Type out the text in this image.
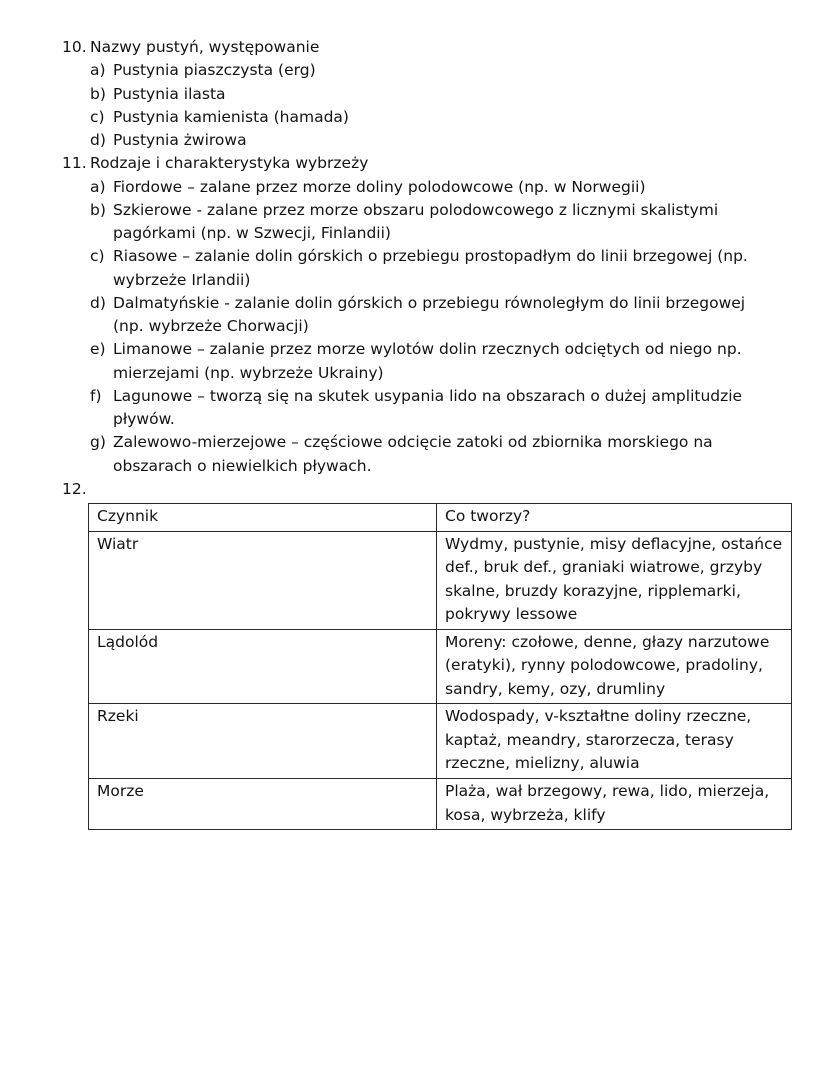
10. Nazwy pustyń, występowanie
a) Pustynia piaszczysta (erg)
b) Pustynia ilasta
c) Pustynia kamienista (hamada)
d) Pustynia żwirowa
11. Rodzaje i charakterystyka wybrzeży
a) Fiordowe – zalane przez morze doliny polodowcowe (np. w Norwegii)
b) Szkierowe - zalane przez morze obszaru polodowcowego z licznymi skalistymi pagórkami (np. w Szwecji, Finlandii)
c) Riasowe – zalanie dolin górskich o przebiegu prostopadłym do linii brzegowej (np. wybrzeże Irlandii)
d) Dalmatyńskie - zalanie dolin górskich o przebiegu równoległym do linii brzegowej (np. wybrzeże Chorwacji)
e) Limanowe – zalanie przez morze wylotów dolin rzecznych odciętych od niego np. mierzejami (np. wybrzeże Ukrainy)
f) Lagunowe – tworzą się na skutek usypania lido na obszarach o dużej amplitudzie pływów.
g) Zalewowo-mierzejowe – częściowe odcięcie zatoki od zbiornika morskiego na obszarach o niewielkich pływach.
12.
Czynnik	Co tworzy?
Wiatr	Wydmy, pustynie, misy deflacyjne, ostańce def., bruk def., graniaki wiatrowe, grzyby skalne, bruzdy korazyjne, ripplemarki, pokrywy lessowe
Lądolód	Moreny: czołowe, denne, głazy narzutowe (eratyki), rynny polodowcowe, pradoliny, sandry, kemy, ozy, drumliny
Rzeki	Wodospady, v-kształtne doliny rzeczne, kaptaż, meandry, starorzecza, terasy rzeczne, mielizny, aluwia
Morze	Plaża, wał brzegowy, rewa, lido, mierzeja, kosa, wybrzeża, klify
